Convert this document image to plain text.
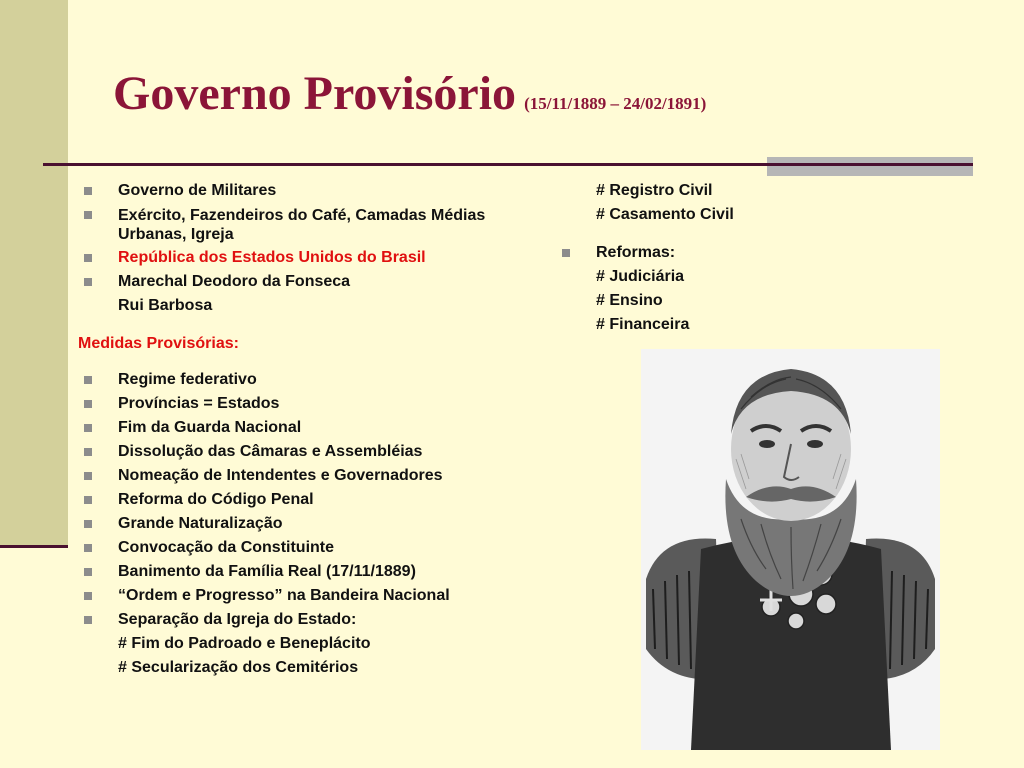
Governo Provisório (15/11/1889 – 24/02/1891)
Governo de Militares
Exército, Fazendeiros do Café, Camadas Médias Urbanas, Igreja
República dos Estados Unidos do Brasil
Marechal Deodoro da Fonseca
Rui Barbosa
Medidas Provisórias:
Regime federativo
Províncias = Estados
Fim da Guarda Nacional
Dissolução das Câmaras e Assembléias
Nomeação de Intendentes e Governadores
Reforma do Código Penal
Grande Naturalização
Convocação da Constituinte
Banimento da Família Real (17/11/1889)
“Ordem e Progresso” na Bandeira Nacional
Separação da Igreja do Estado:
# Fim do Padroado e Beneplácito
# Secularização dos Cemitérios
# Registro Civil
# Casamento Civil
Reformas:
# Judiciária
# Ensino
# Financeira
